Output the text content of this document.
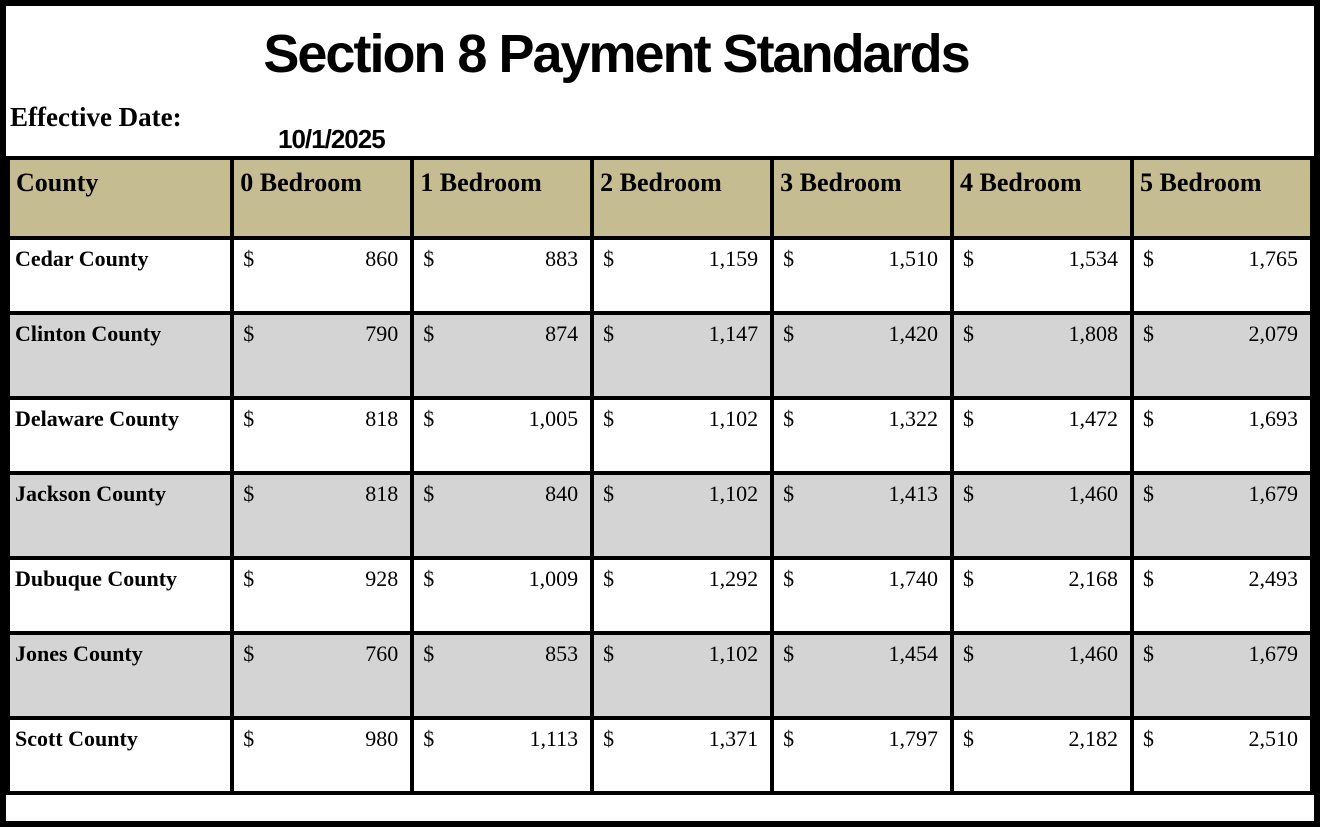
Section 8 Payment Standards
Effective Date:
10/1/2025
County	0 Bedroom	1 Bedroom	2 Bedroom	3 Bedroom	4 Bedroom	5 Bedroom
Cedar County	$ 860	$ 883	$ 1,159	$ 1,510	$ 1,534	$ 1,765

Clinton County	$ 790	$ 874	$ 1,147	$ 1,420	$ 1,808	$ 2,079

Delaware County	$ 818	$ 1,005	$ 1,102	$ 1,322	$ 1,472	$ 1,693

Jackson County	$ 818	$ 840	$ 1,102	$ 1,413	$ 1,460	$ 1,679

Dubuque County	$ 928	$ 1,009	$ 1,292	$ 1,740	$ 2,168	$ 2,493

Jones County	$ 760	$ 853	$ 1,102	$ 1,454	$ 1,460	$ 1,679

Scott County	$ 980	$ 1,113	$ 1,371	$ 1,797	$ 2,182	$ 2,510
